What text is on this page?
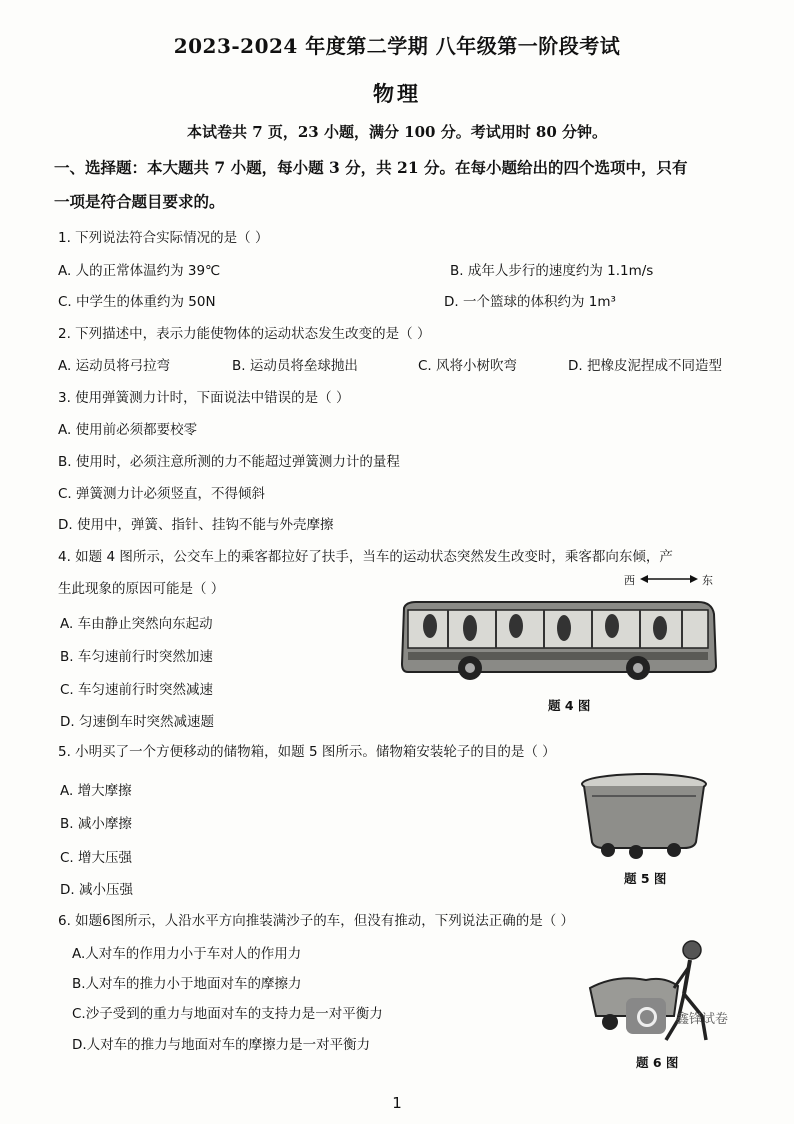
2023-2024 年度第二学期 八年级第一阶段考试
物理
本试卷共 7 页，23 小题，满分 100 分。考试用时 80 分钟。
一、选择题：本大题共 7 小题，每小题 3 分，共 21 分。在每小题给出的四个选项中，只有
一项是符合题目要求的。
1. 下列说法符合实际情况的是（ ）
A. 人的正常体温约为 39℃	B. 成年人步行的速度约为 1.1m/s
C. 中学生的体重约为 50N	D. 一个篮球的体积约为 1m³
2. 下列描述中，表示力能使物体的运动状态发生改变的是（ ）
A. 运动员将弓拉弯	B. 运动员将垒球抛出	C. 风将小树吹弯	D. 把橡皮泥捏成不同造型
3. 使用弹簧测力计时，下面说法中错误的是（ ）
A. 使用前必须都要校零
B. 使用时，必须注意所测的力不能超过弹簧测力计的量程
C. 弹簧测力计必须竖直，不得倾斜
D. 使用中，弹簧、指针、挂钩不能与外壳摩擦
4. 如题 4 图所示，公交车上的乘客都拉好了扶手，当车的运动状态突然发生改变时，乘客都向东倾，产
生此现象的原因可能是（ ）
A. 车由静止突然向东起动
B. 车匀速前行时突然加速
C. 车匀速前行时突然减速
D. 匀速倒车时突然减速题
西	东
题 4 图
5. 小明买了一个方便移动的储物箱，如题 5 图所示。储物箱安装轮子的目的是（ ）
A. 增大摩擦
B. 减小摩擦
C. 增大压强
D. 减小压强
题 5 图
6. 如题6图所示，人沿水平方向推装满沙子的车，但没有推动，下列说法正确的是（ ）
A.人对车的作用力小于车对人的作用力
B.人对车的推力小于地面对车的摩擦力
C.沙子受到的重力与地面对车的支持力是一对平衡力
D.人对车的推力与地面对车的摩擦力是一对平衡力
鑫锋试卷
题 6 图
1
